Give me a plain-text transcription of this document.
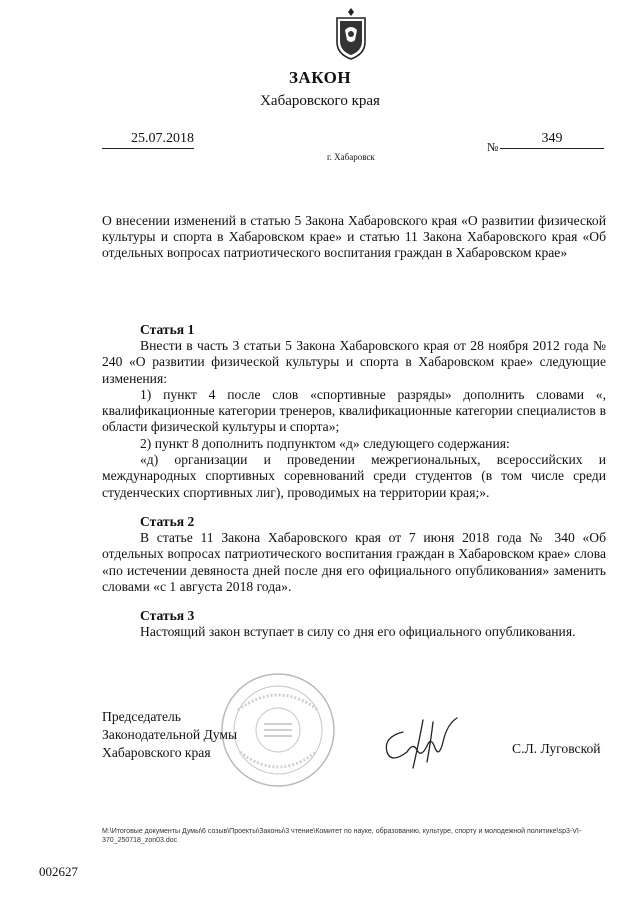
ЗАКОН
Хабаровского края
25.07.2018
№
349
г. Хабаровск
О внесении изменений в статью 5 Закона Хабаровского края «О развитии физической культуры и спорта в Хабаровском крае» и статью 11 Закона Хабаровского края «Об отдельных вопросах патриотического воспитания граждан в Хабаровском крае»
Статья 1

Внести в часть 3 статьи 5 Закона Хабаровского края от 28 ноября 2012 года № 240 «О развитии физической культуры и спорта в Хабаровском крае» следующие изменения:

1) пункт 4 после слов «спортивные разряды» дополнить словами «, квалификационные категории тренеров, квалификационные категории специалистов в области физической культуры и спорта»;

2) пункт 8 дополнить подпунктом «д» следующего содержания:

«д) организации и проведении межрегиональных, всероссийских и международных спортивных соревнований среди студентов (в том числе среди студенческих спортивных лиг), проводимых на территории края;».

Статья 2

В статье 11 Закона Хабаровского края от 7 июня 2018 года № 340 «Об отдельных вопросах патриотического воспитания граждан в Хабаровском крае» слова «по истечении девяноста дней после дня его официального опубликования» заменить словами «с 1 августа 2018 года».

Статья 3

Настоящий закон вступает в силу со дня его официального опубликования.

Председатель
Законодательной Думы
Хабаровского края	С.Л. Луговской
М:\Итоговые документы Думы\6 созыв\Проекты\Законы\3 чтение\Комитет по науке, образованию, культуре, спорту и молодежной политике\sp3-VI-370_250718_zon03.doc
002627
